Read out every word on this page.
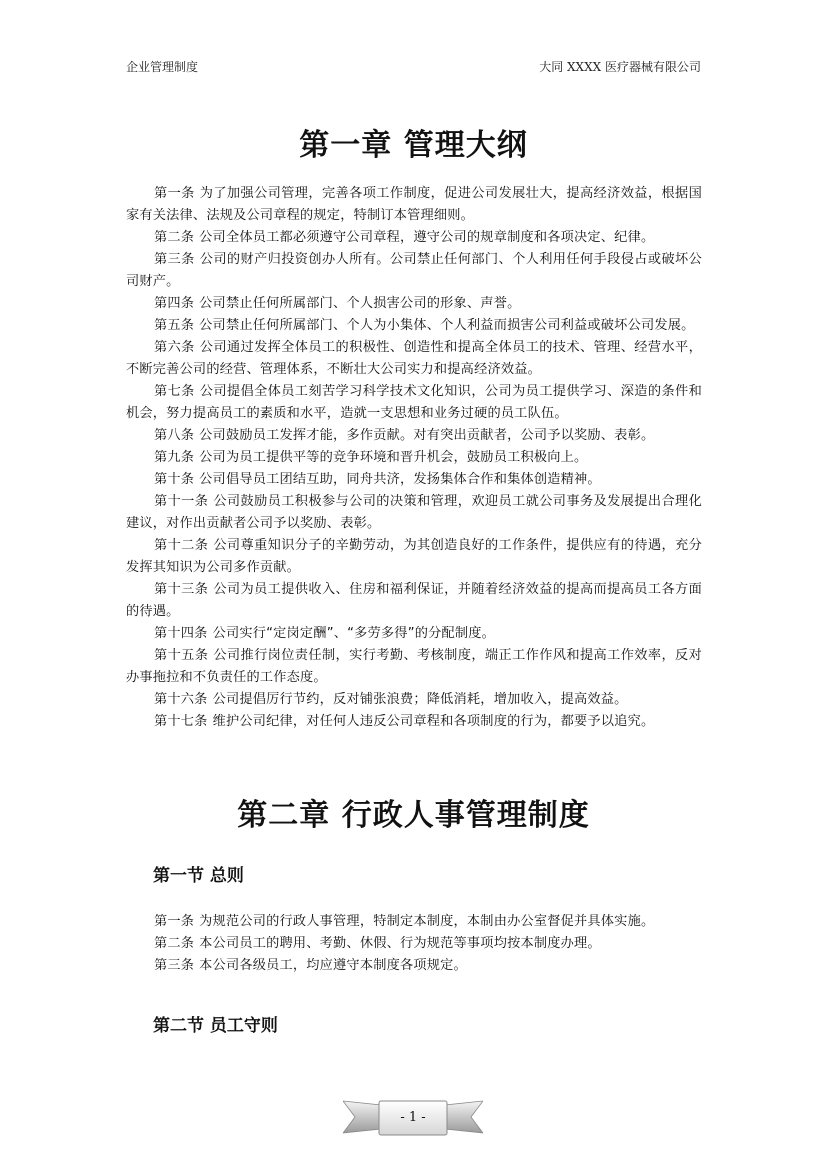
企业管理制度	大同 XXXX 医疗器械有限公司
第一章 管理大纲

第一条 为了加强公司管理，完善各项工作制度，促进公司发展壮大，提高经济效益，根据国家有关法律、法规及公司章程的规定，特制订本管理细则。

第二条 公司全体员工都必须遵守公司章程，遵守公司的规章制度和各项决定、纪律。

第三条 公司的财产归投资创办人所有。公司禁止任何部门、个人利用任何手段侵占或破坏公司财产。

第四条 公司禁止任何所属部门、个人损害公司的形象、声誉。

第五条 公司禁止任何所属部门、个人为小集体、个人利益而损害公司利益或破坏公司发展。

第六条 公司通过发挥全体员工的积极性、创造性和提高全体员工的技术、管理、经营水平，不断完善公司的经营、管理体系，不断壮大公司实力和提高经济效益。

第七条 公司提倡全体员工刻苦学习科学技术文化知识，公司为员工提供学习、深造的条件和机会，努力提高员工的素质和水平，造就一支思想和业务过硬的员工队伍。

第八条 公司鼓励员工发挥才能，多作贡献。对有突出贡献者，公司予以奖励、表彰。

第九条 公司为员工提供平等的竞争环境和晋升机会，鼓励员工积极向上。

第十条 公司倡导员工团结互助，同舟共济，发扬集体合作和集体创造精神。

第十一条 公司鼓励员工积极参与公司的决策和管理，欢迎员工就公司事务及发展提出合理化建议，对作出贡献者公司予以奖励、表彰。

第十二条 公司尊重知识分子的辛勤劳动，为其创造良好的工作条件，提供应有的待遇，充分发挥其知识为公司多作贡献。

第十三条 公司为员工提供收入、住房和福利保证，并随着经济效益的提高而提高员工各方面的待遇。

第十四条 公司实行“定岗定酬”、“多劳多得”的分配制度。

第十五条 公司推行岗位责任制，实行考勤、考核制度，端正工作作风和提高工作效率，反对办事拖拉和不负责任的工作态度。

第十六条 公司提倡厉行节约，反对铺张浪费；降低消耗，增加收入，提高效益。

第十七条 维护公司纪律，对任何人违反公司章程和各项制度的行为，都要予以追究。

第二章 行政人事管理制度
第一节 总则

第一条 为规范公司的行政人事管理，特制定本制度，本制由办公室督促并具体实施。

第二条 本公司员工的聘用、考勤、休假、行为规范等事项均按本制度办理。

第三条 本公司各级员工，均应遵守本制度各项规定。

第二节 员工守则
- 1 -
